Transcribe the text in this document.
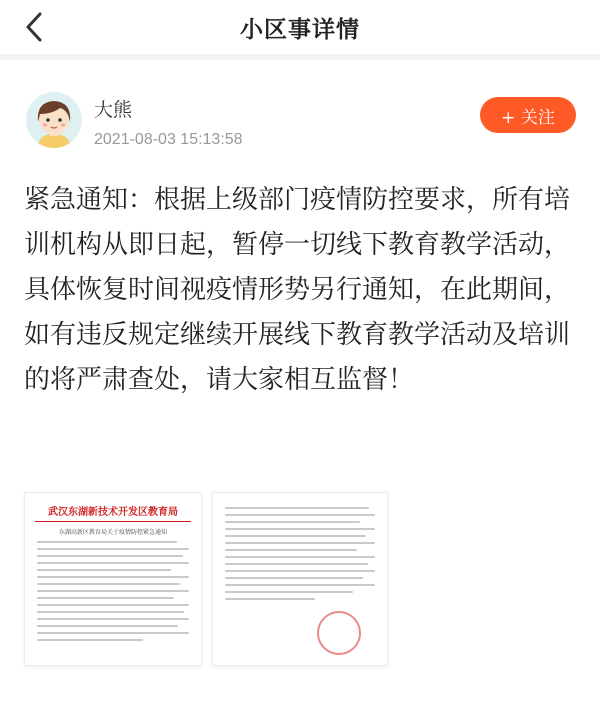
小区事详情
大熊
2021-08-03 15:13:58
+ 关注
紧急通知：根据上级部门疫情防控要求，所有培训机构从即日起，暂停一切线下教育教学活动，具体恢复时间视疫情形势另行通知，在此期间，如有违反规定继续开展线下教育教学活动及培训的将严肃查处，请大家相互监督！
武汉东湖新技术开发区教育局
东湖高新区教育局关于疫情防控紧急通知
